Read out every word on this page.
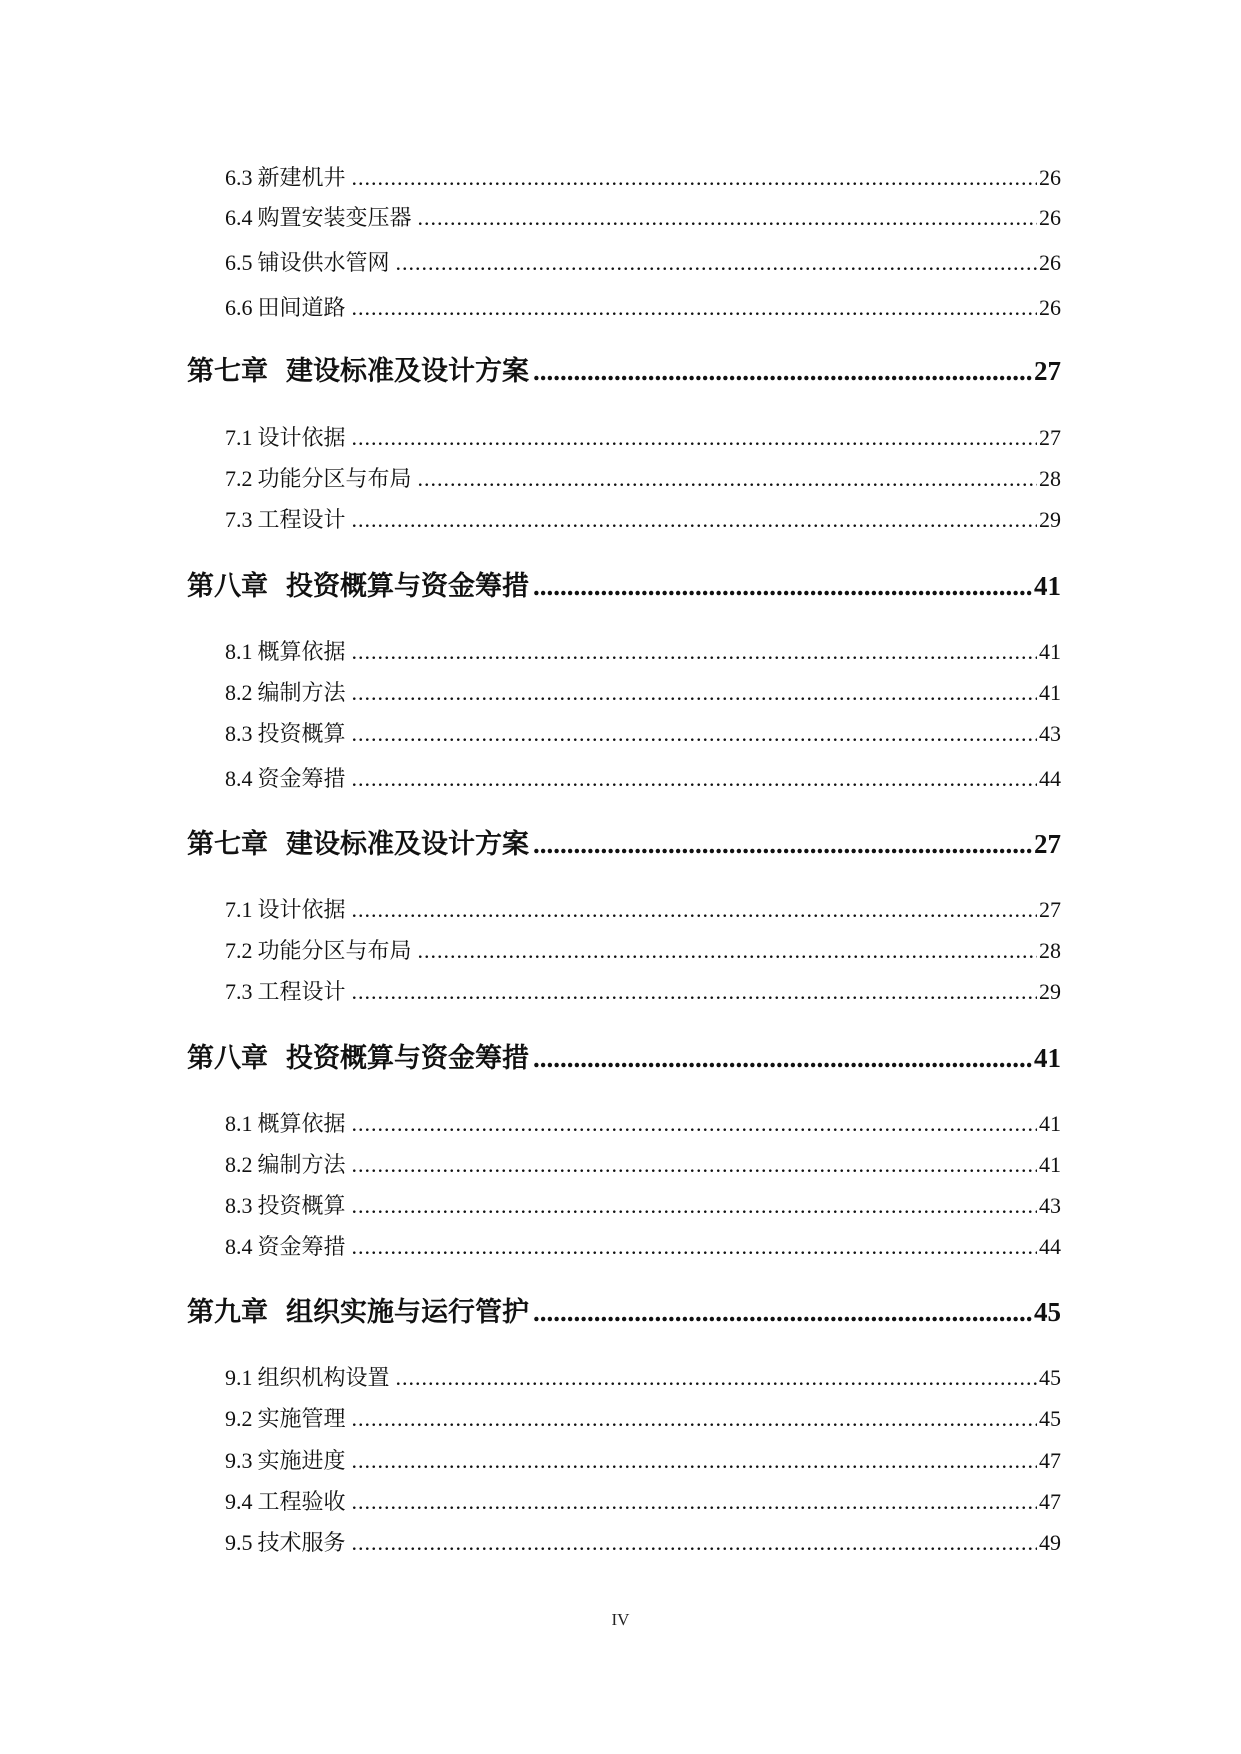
6.3 新建机井 .....	26
6.4 购置安装变压器 .....	26
6.5 铺设供水管网 .....	26
6.6 田间道路 .....	26
第七章 建设标准及设计方案 .....	27
7.1 设计依据 .....	27
7.2 功能分区与布局 .....	28
7.3 工程设计 .....	29
第八章 投资概算与资金筹措 .....	41
8.1 概算依据 .....	41
8.2 编制方法 .....	41
8.3 投资概算 .....	43
8.4 资金筹措 .....	44
第七章 建设标准及设计方案 .....	27
7.1 设计依据 .....	27
7.2 功能分区与布局 .....	28
7.3 工程设计 .....	29
第八章 投资概算与资金筹措 .....	41
8.1 概算依据 .....	41
8.2 编制方法 .....	41
8.3 投资概算 .....	43
8.4 资金筹措 .....	44
第九章 组织实施与运行管护 .....	45
9.1 组织机构设置 .....	45
9.2 实施管理 .....	45
9.3 实施进度 .....	47
9.4 工程验收 .....	47
9.5 技术服务 .....	49
IV
